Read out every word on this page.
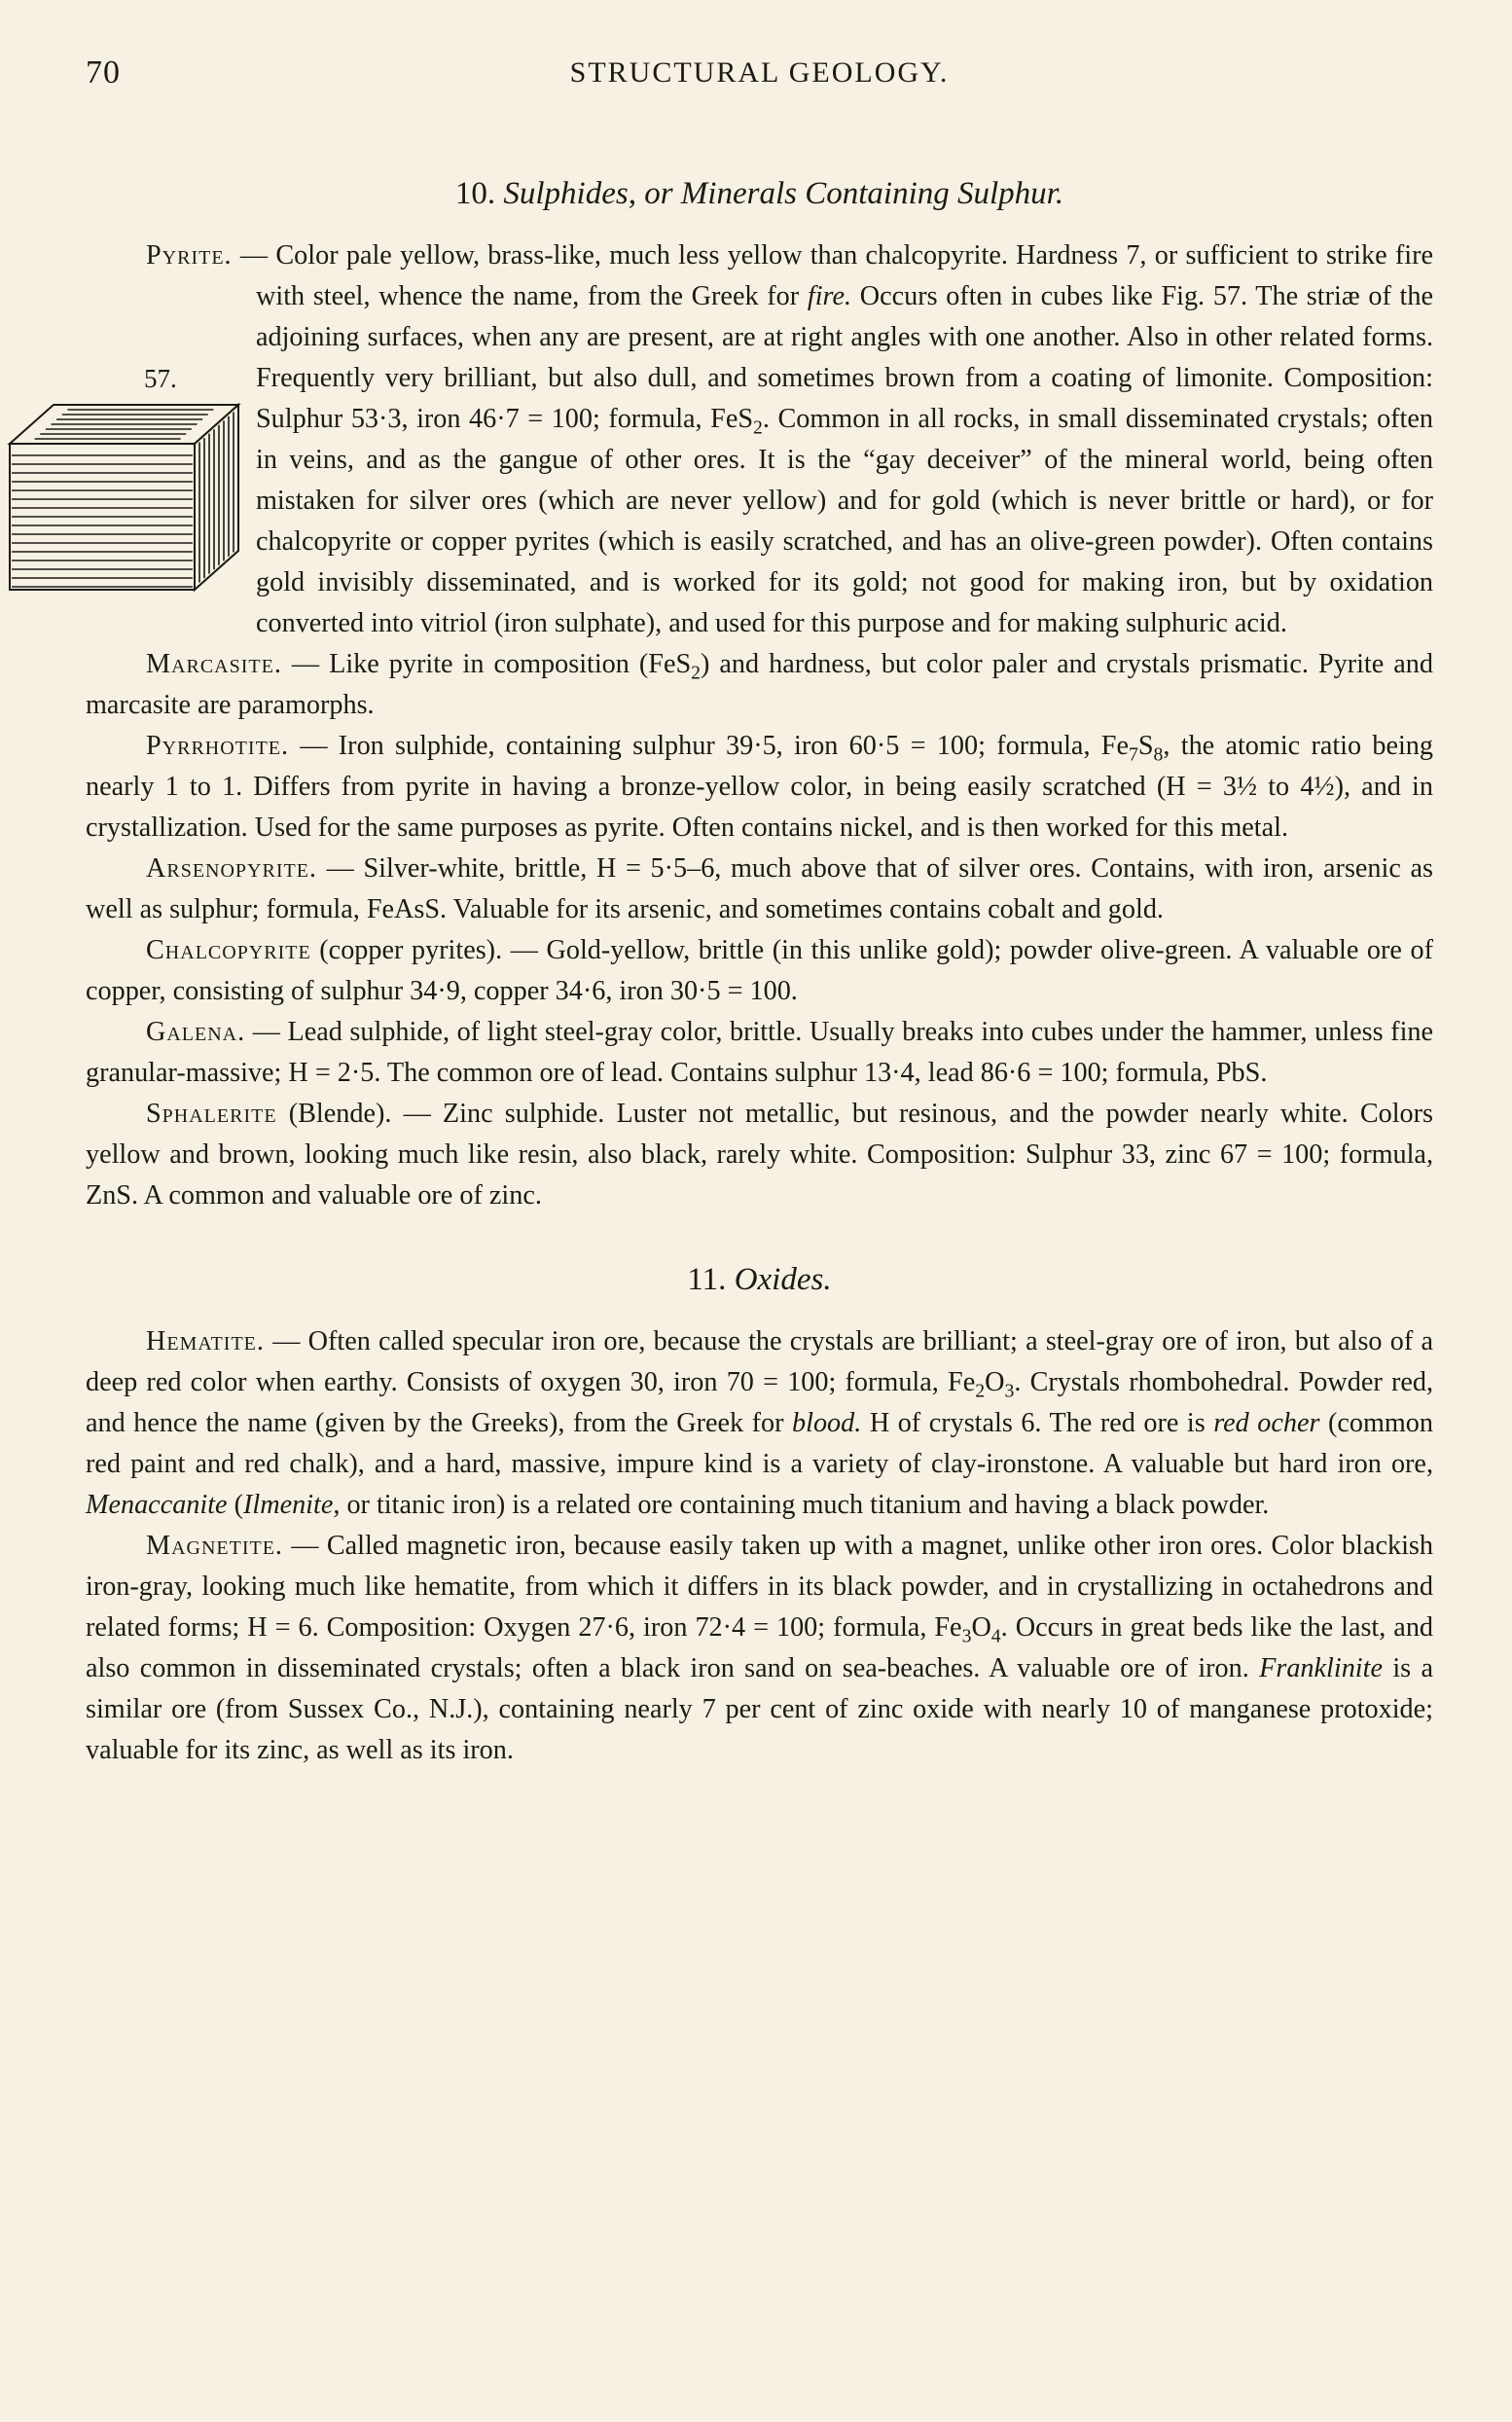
70	STRUCTURAL GEOLOGY.
10. Sulphides, or Minerals Containing Sulphur.

Pyrite. — Color pale yellow, brass-like, much less yellow than chalcopyrite. Hardness 7, or sufficient to strike fire with steel, whence the name, from the Greek for fire.
57.
Occurs often in cubes like Fig. 57. The striæ of the adjoining surfaces, when any are present, are at right angles with one another. Also in other related forms. Frequently very brilliant, but also dull, and sometimes brown from a coating of limonite. Composition: Sulphur 53·3, iron 46·7 = 100; formula, FeS$_2$. Common in all rocks, in small disseminated crystals; often in veins, and as the gangue of other ores. It is the “gay deceiver” of the mineral world, being often mistaken for silver ores (which are never yellow) and for gold (which is never brittle or hard), or for chalcopyrite or copper pyrites (which is easily scratched, and has an olive-green powder). Often contains gold invisibly disseminated, and is worked for its gold; not good for making iron, but by oxidation converted into vitriol (iron sulphate), and used for this purpose and for making sulphuric acid.

Marcasite. — Like pyrite in composition (FeS$_2$) and hardness, but color paler and crystals prismatic. Pyrite and marcasite are paramorphs.

Pyrrhotite. — Iron sulphide, containing sulphur 39·5, iron 60·5 = 100; formula, $Fe_7S_8$, the atomic ratio being nearly 1 to 1. Differs from pyrite in having a bronze-yellow color, in being easily scratched (H = 3½ to 4½), and in crystallization. Used for the same purposes as pyrite. Often contains nickel, and is then worked for this metal.

Arsenopyrite. — Silver-white, brittle, H = 5·5–6, much above that of silver ores. Contains, with iron, arsenic as well as sulphur; formula, FeAsS. Valuable for its arsenic, and sometimes contains cobalt and gold.

Chalcopyrite (copper pyrites). — Gold-yellow, brittle (in this unlike gold); powder olive-green. A valuable ore of copper, consisting of sulphur 34·9, copper 34·6, iron 30·5 = 100.

Galena. — Lead sulphide, of light steel-gray color, brittle. Usually breaks into cubes under the hammer, unless fine granular-massive; H = 2·5. The common ore of lead. Contains sulphur 13·4, lead 86·6 = 100; formula, PbS.

Sphalerite (Blende). — Zinc sulphide. Luster not metallic, but resinous, and the powder nearly white. Colors yellow and brown, looking much like resin, also black, rarely white. Composition: Sulphur 33, zinc 67 = 100; formula, ZnS. A common and valuable ore of zinc.

11. Oxides.

Hematite. — Often called specular iron ore, because the crystals are brilliant; a steel-gray ore of iron, but also of a deep red color when earthy. Consists of oxygen 30, iron 70 = 100; formula, $Fe_2O_3$. Crystals rhombohedral. Powder red, and hence the name (given by the Greeks), from the Greek for blood. H of crystals 6. The red ore is red ocher (common red paint and red chalk), and a hard, massive, impure kind is a variety of clay-ironstone. A valuable but hard iron ore, Menaccanite (Ilmenite, or titanic iron) is a related ore containing much titanium and having a black powder.

Magnetite. — Called magnetic iron, because easily taken up with a magnet, unlike other iron ores. Color blackish iron-gray, looking much like hematite, from which it differs in its black powder, and in crystallizing in octahedrons and related forms; H = 6. Composition: Oxygen 27·6, iron 72·4 = 100; formula, $Fe_3O_4$. Occurs in great beds like the last, and also common in disseminated crystals; often a black iron sand on sea-beaches. A valuable ore of iron. Franklinite is a similar ore (from Sussex Co., N.J.), containing nearly 7 per cent of zinc oxide with nearly 10 of manganese protoxide; valuable for its zinc, as well as its iron.
